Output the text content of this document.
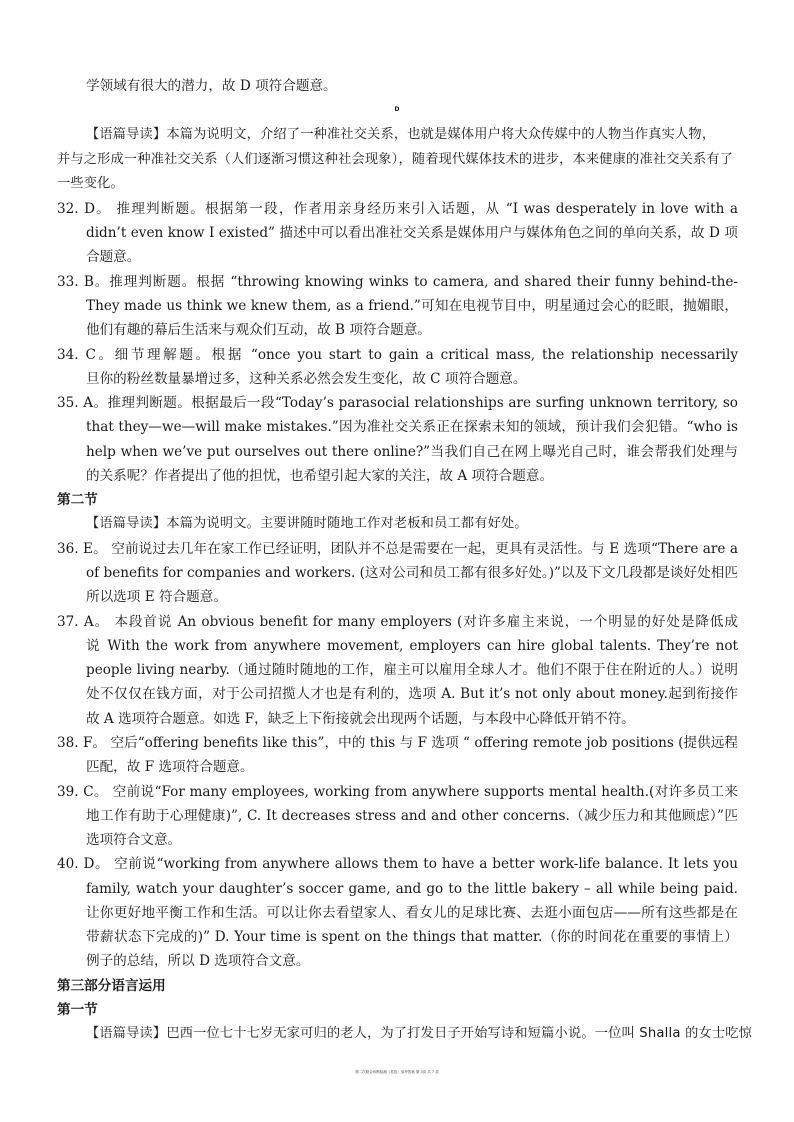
学领域有很大的潜力，故 D 项符合题意。
D
【语篇导读】本篇为说明文，介绍了一种准社交关系，也就是媒体用户将大众传媒中的人物当作真实人物，
并与之形成一种准社交关系（人们逐渐习惯这种社会现象），随着现代媒体技术的进步，本来健康的准社交关系有了
一些变化。
32. D。 推理判断题。根据第一段，作者用亲身经历来引入话题，从 “I was desperately in love with a
didn’t even know I existed” 描述中可以看出准社交关系是媒体用户与媒体角色之间的单向关系，故 D 项
合题意。
33. B。推理判断题。根据 “throwing knowing winks to camera, and shared their funny behind-the-
They made us think we knew them, as a friend.”可知在电视节目中，明星通过会心的眨眼，抛媚眼，
他们有趣的幕后生活来与观众们互动，故 B 项符合题意。
34. C。细节理解题。根据 “once you start to gain a critical mass, the relationship necessarily
旦你的粉丝数量暴增过多，这种关系必然会发生变化，故 C 项符合题意。
35. A。推理判断题。根据最后一段“Today’s parasocial relationships are surfing unknown territory, so
that they—we—will make mistakes.”因为准社交关系正在探索未知的领域，预计我们会犯错。“who is
help when we’ve put ourselves out there online?”当我们自己在网上曝光自己时，谁会帮我们处理与
的关系呢？作者提出了他的担忧，也希望引起大家的关注，故 A 项符合题意。
第二节
【语篇导读】本篇为说明文。主要讲随时随地工作对老板和员工都有好处。
36. E。 空前说过去几年在家工作已经证明，团队并不总是需要在一起，更具有灵活性。与 E 选项“There are a
of benefits for companies and workers. (这对公司和员工都有很多好处。)”以及下文几段都是谈好处相匹
所以选项 E 符合题意。
37. A。 本段首说 An obvious benefit for many employers (对许多雇主来说，一个明显的好处是降低成
说 With the work from anywhere movement, employers can hire global talents. They’re not
people living nearby.（通过随时随地的工作，雇主可以雇用全球人才。他们不限于住在附近的人。）说明
处不仅仅在钱方面，对于公司招揽人才也是有利的，选项 A. But it’s not only about money.起到衔接作
故 A 选项符合题意。如选 F，缺乏上下衔接就会出现两个话题，与本段中心降低开销不符。
38. F。 空后“offering benefits like this”，中的 this 与 F 选项 “ offering remote job positions (提供远程
匹配，故 F 选项符合题意。
39. C。 空前说“For many employees, working from anywhere supports mental health.(对许多员工来
地工作有助于心理健康)”, C. It decreases stress and and other concerns.（减少压力和其他顾虑）”匹
选项符合文意。
40. D。 空前说“working from anywhere allows them to have a better work-life balance. It lets you
family, watch your daughter’s soccer game, and go to the little bakery – all while being paid.
让你更好地平衡工作和生活。可以让你去看望家人、看女儿的足球比赛、去逛小面包店——所有这些都是在
带薪状态下完成的)” D. Your time is spent on the things that matter.（你的时间花在重要的事情上）
例子的总结，所以 D 选项符合文意。
第三部分语言运用
第一节
【语篇导读】巴西一位七十七岁无家可归的老人，为了打发日子开始写诗和短篇小说。一位叫 Shalla 的女士吃惊
第二次联合诊断检测（英语）参考答案 第 3页 共 7 页
